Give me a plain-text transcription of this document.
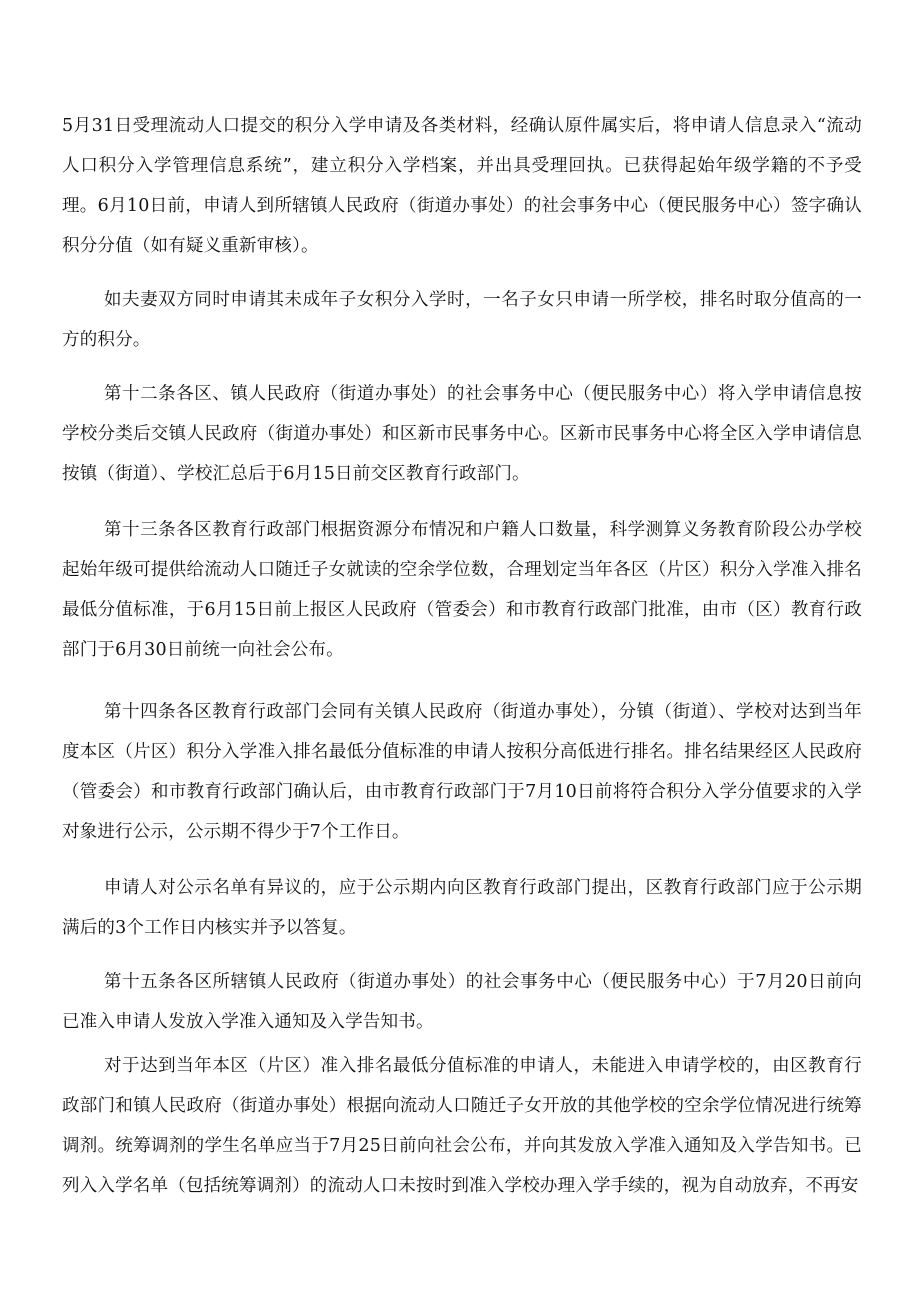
5月31日受理流动人口提交的积分入学申请及各类材料，经确认原件属实后，将申请人信息录入“流动人口积分入学管理信息系统”，建立积分入学档案，并出具受理回执。已获得起始年级学籍的不予受理。6月10日前，申请人到所辖镇人民政府（街道办事处）的社会事务中心（便民服务中心）签字确认积分分值（如有疑义重新审核）。

如夫妻双方同时申请其未成年子女积分入学时，一名子女只申请一所学校，排名时取分值高的一方的积分。

第十二条各区、镇人民政府（街道办事处）的社会事务中心（便民服务中心）将入学申请信息按学校分类后交镇人民政府（街道办事处）和区新市民事务中心。区新市民事务中心将全区入学申请信息按镇（街道）、学校汇总后于6月15日前交区教育行政部门。

第十三条各区教育行政部门根据资源分布情况和户籍人口数量，科学测算义务教育阶段公办学校起始年级可提供给流动人口随迁子女就读的空余学位数，合理划定当年各区（片区）积分入学准入排名最低分值标准，于6月15日前上报区人民政府（管委会）和市教育行政部门批准，由市（区）教育行政部门于6月30日前统一向社会公布。

第十四条各区教育行政部门会同有关镇人民政府（街道办事处），分镇（街道）、学校对达到当年度本区（片区）积分入学准入排名最低分值标准的申请人按积分高低进行排名。排名结果经区人民政府（管委会）和市教育行政部门确认后，由市教育行政部门于7月10日前将符合积分入学分值要求的入学对象进行公示，公示期不得少于7个工作日。

申请人对公示名单有异议的，应于公示期内向区教育行政部门提出，区教育行政部门应于公示期满后的3个工作日内核实并予以答复。

第十五条各区所辖镇人民政府（街道办事处）的社会事务中心（便民服务中心）于7月20日前向已准入申请人发放入学准入通知及入学告知书。

对于达到当年本区（片区）准入排名最低分值标准的申请人，未能进入申请学校的，由区教育行政部门和镇人民政府（街道办事处）根据向流动人口随迁子女开放的其他学校的空余学位情况进行统筹调剂。统筹调剂的学生名单应当于7月25日前向社会公布，并向其发放入学准入通知及入学告知书。已列入入学名单（包括统筹调剂）的流动人口未按时到准入学校办理入学手续的，视为自动放弃，不再安
